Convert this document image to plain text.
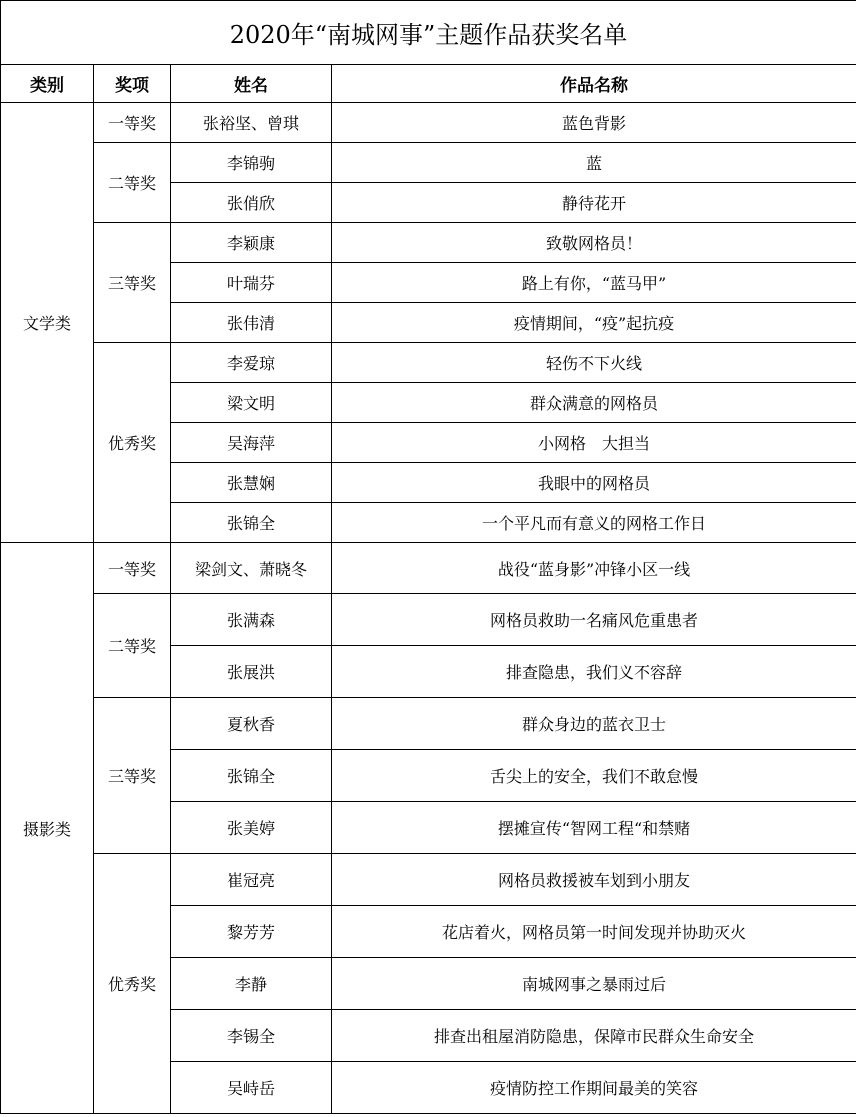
2020年“南城网事”主题作品获奖名单			
类别	奖项	姓名	作品名称
文学类	一等奖	张裕坚、曾琪	蓝色背影
	二等奖	李锦驹	蓝
		张俏欣	静待花开
	三等奖	李颖康	致敬网格员！
		叶瑞芬	路上有你，“蓝马甲”
		张伟清	疫情期间，“疫”起抗疫
	优秀奖	李爱琼	轻伤不下火线
		梁文明	群众满意的网格员
		吴海萍	小网格　大担当
		张慧娴	我眼中的网格员
		张锦全	一个平凡而有意义的网格工作日
摄影类	一等奖	梁剑文、萧晓冬	战役“蓝身影”冲锋小区一线
	二等奖	张满森	网格员救助一名痛风危重患者
		张展洪	排查隐患，我们义不容辞
	三等奖	夏秋香	群众身边的蓝衣卫士
		张锦全	舌尖上的安全，我们不敢怠慢
		张美婷	摆摊宣传“智网工程“和禁赌
	优秀奖	崔冠亮	网格员救援被车划到小朋友
		黎芳芳	花店着火，网格员第一时间发现并协助灭火
		李静	南城网事之暴雨过后
		李锡全	排查出租屋消防隐患，保障市民群众生命安全
		吴峙岳	疫情防控工作期间最美的笑容
